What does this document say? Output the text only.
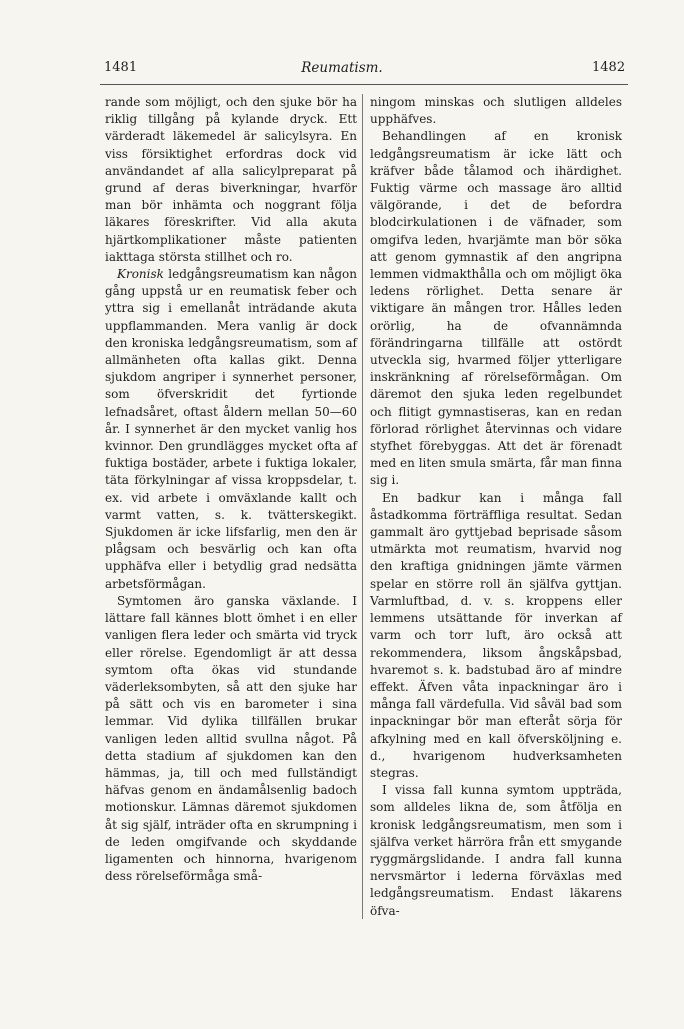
1481	Reumatism.	1482

rande som möjligt, och den sjuke bör ha riklig tillgång på kylande dryck. Ett värderadt läkemedel är salicylsyra. En viss försiktighet erfordras dock vid användandet af alla salicylpreparat på grund af deras biverkningar, hvarför man bör inhämta och noggrant följa läkares föreskrifter. Vid alla akuta hjärtkomplikationer måste patienten iakttaga största stillhet och ro.

Kronisk ledgångsreumatism kan någon gång uppstå ur en reumatisk feber och yttra sig i emellanåt inträdande akuta uppflammanden. Mera vanlig är dock den kroniska ledgångsreumatism, som af allmänheten ofta kallas gikt. Denna sjukdom angriper i synnerhet personer, som öfverskridit det fyrtionde lefnadsåret, oftast åldern mellan 50—60 år. I synnerhet är den mycket vanlig hos kvinnor. Den grundlägges mycket ofta af fuktiga bostäder, arbete i fuktiga lokaler, täta förkylningar af vissa kroppsdelar, t. ex. vid arbete i omväxlande kallt och varmt vatten, s. k. tvätterskegikt. Sjukdomen är icke lifsfarlig, men den är plågsam och besvärlig och kan ofta upphäfva eller i betydlig grad nedsätta arbetsförmågan.

Symtomen äro ganska växlande. I lättare fall kännes blott ömhet i en eller vanligen flera leder och smärta vid tryck eller rörelse. Egendomligt är att dessa symtom ofta ökas vid stundande väderleksombyten, så att den sjuke har på sätt och vis en barometer i sina lemmar. Vid dylika tillfällen brukar vanligen leden alltid svullna något. På detta stadium af sjukdomen kan den hämmas, ja, till och med fullständigt häfvas genom en ändamålsenlig badoch motionskur. Lämnas däremot sjukdomen åt sig själf, inträder ofta en skrumpning i de leden omgifvande och skyddande ligamenten och hinnorna, hvarigenom dess rörelseförmåga små-

ningom minskas och slutligen alldeles upphäfves.

Behandlingen af en kronisk ledgångsreumatism är icke lätt och kräfver både tålamod och ihärdighet. Fuktig värme och massage äro alltid välgörande, i det de befordra blodcirkulationen i de väfnader, som omgifva leden, hvarjämte man bör söka att genom gymnastik af den angripna lemmen vidmakthålla och om möjligt öka ledens rörlighet. Detta senare är viktigare än mången tror. Hålles leden orörlig, ha de ofvannämnda förändringarna tillfälle att ostördt utveckla sig, hvarmed följer ytterligare inskränkning af rörelseförmågan. Om däremot den sjuka leden regelbundet och flitigt gymnastiseras, kan en redan förlorad rörlighet återvinnas och vidare styfhet förebyggas. Att det är förenadt med en liten smula smärta, får man finna sig i.

En badkur kan i många fall åstadkomma förträffliga resultat. Sedan gammalt äro gyttjebad beprisade såsom utmärkta mot reumatism, hvarvid nog den kraftiga gnidningen jämte värmen spelar en större roll än själfva gyttjan. Varmluftbad, d. v. s. kroppens eller lemmens utsättande för inverkan af varm och torr luft, äro också att rekommendera, liksom ångskåpsbad, hvaremot s. k. badstubad äro af mindre effekt. Äfven våta inpackningar äro i många fall värdefulla. Vid såväl bad som inpackningar bör man efteråt sörja för afkylning med en kall öfversköljning e. d., hvarigenom hudverksamheten stegras.

I vissa fall kunna symtom uppträda, som alldeles likna de, som åtfölja en kronisk ledgångsreumatism, men som i själfva verket härröra från ett smygande ryggmärgslidande. I andra fall kunna nervsmärtor i lederna förväxlas med ledgångsreumatism. Endast läkarens öfva-
